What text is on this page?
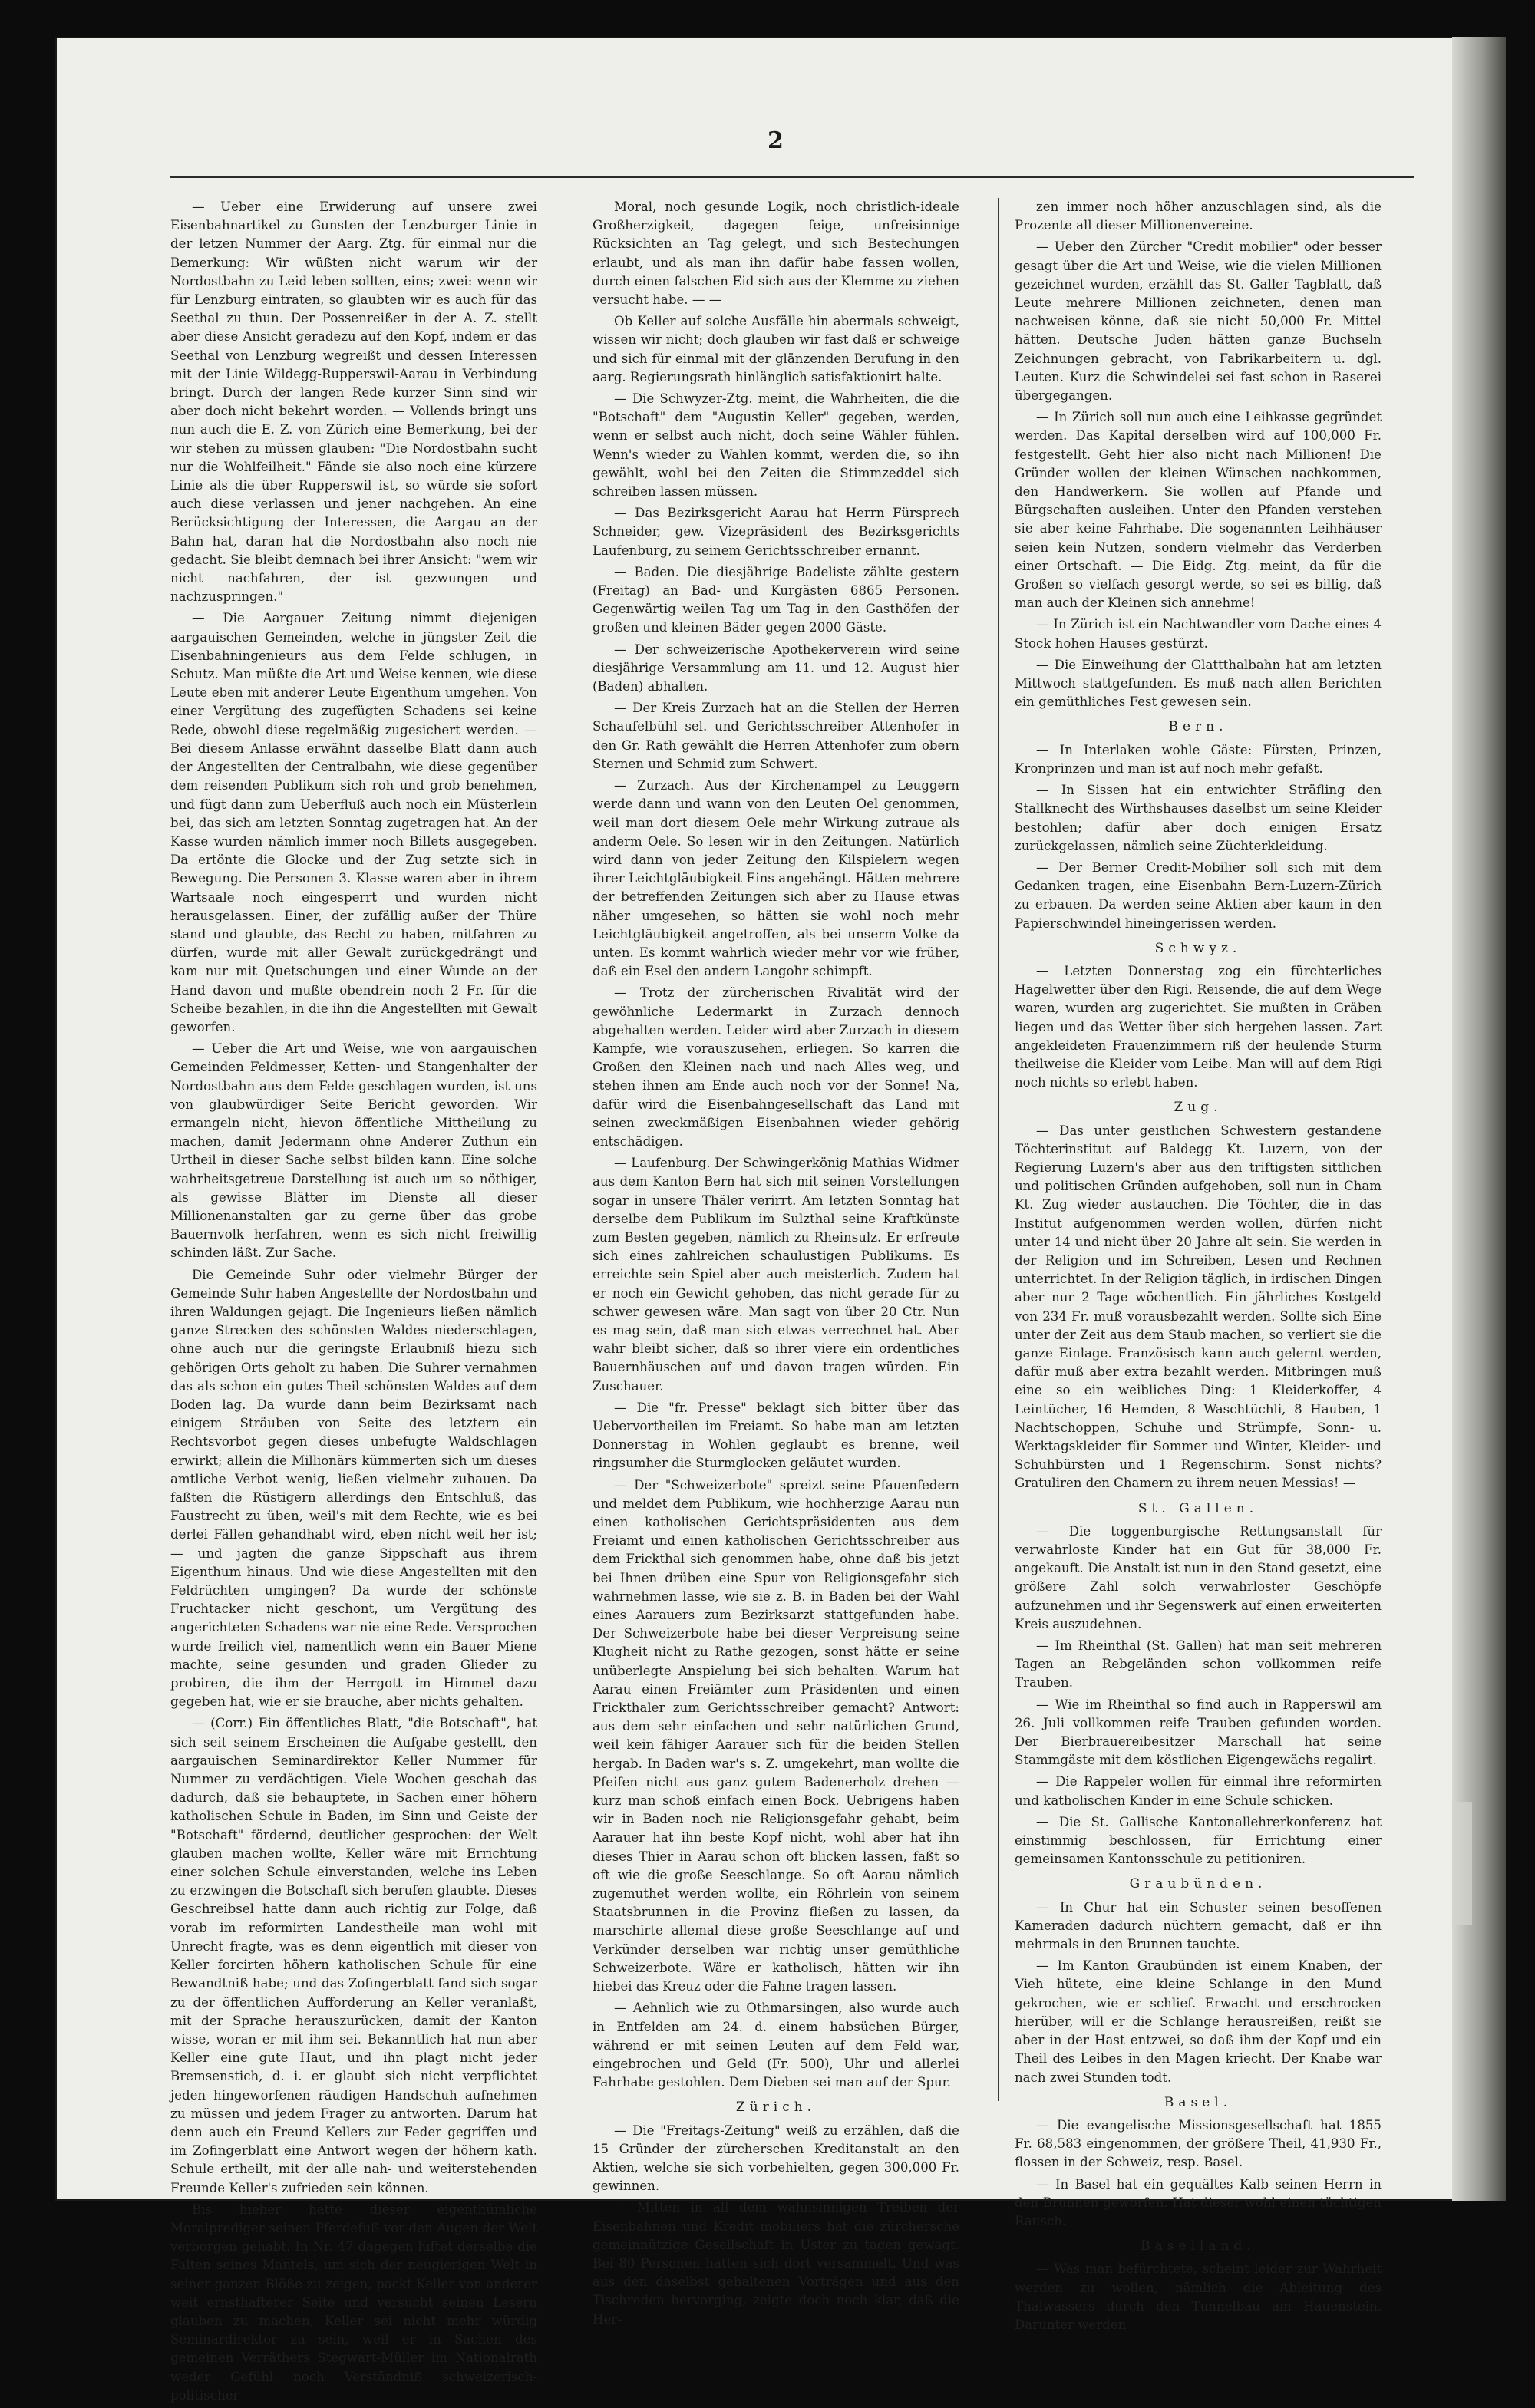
2

— Ueber eine Erwiderung auf unsere zwei Eisenbahnartikel zu Gunsten der Lenzburger Linie in der letzen Nummer der Aarg. Ztg. für einmal nur die Bemerkung: Wir wüßten nicht warum wir der Nordostbahn zu Leid leben sollten, eins; zwei: wenn wir für Lenzburg eintraten, so glaubten wir es auch für das Seethal zu thun. Der Possenreißer in der A. Z. stellt aber diese Ansicht geradezu auf den Kopf, indem er das Seethal von Lenzburg wegreißt und dessen Interessen mit der Linie Wildegg-Rupperswil-Aarau in Verbindung bringt. Durch der langen Rede kurzer Sinn sind wir aber doch nicht bekehrt worden. — Vollends bringt uns nun auch die E. Z. von Zürich eine Bemerkung, bei der wir stehen zu müssen glauben: "Die Nordostbahn sucht nur die Wohlfeilheit." Fände sie also noch eine kürzere Linie als die über Rupperswil ist, so würde sie sofort auch diese verlassen und jener nachgehen. An eine Berücksichtigung der Interessen, die Aargau an der Bahn hat, daran hat die Nordostbahn also noch nie gedacht. Sie bleibt demnach bei ihrer Ansicht: "wem wir nicht nachfahren, der ist gezwungen und nachzuspringen."

— Die Aargauer Zeitung nimmt diejenigen aargauischen Gemeinden, welche in jüngster Zeit die Eisenbahningenieurs aus dem Felde schlugen, in Schutz. Man müßte die Art und Weise kennen, wie diese Leute eben mit anderer Leute Eigenthum umgehen. Von einer Vergütung des zugefügten Schadens sei keine Rede, obwohl diese regelmäßig zugesichert werden. — Bei diesem Anlasse erwähnt dasselbe Blatt dann auch der Angestellten der Centralbahn, wie diese gegenüber dem reisenden Publikum sich roh und grob benehmen, und fügt dann zum Ueberfluß auch noch ein Müsterlein bei, das sich am letzten Sonntag zugetragen hat. An der Kasse wurden nämlich immer noch Billets ausgegeben. Da ertönte die Glocke und der Zug setzte sich in Bewegung. Die Personen 3. Klasse waren aber in ihrem Wartsaale noch eingesperrt und wurden nicht herausgelassen. Einer, der zufällig außer der Thüre stand und glaubte, das Recht zu haben, mitfahren zu dürfen, wurde mit aller Gewalt zurückgedrängt und kam nur mit Quetschungen und einer Wunde an der Hand davon und mußte obendrein noch 2 Fr. für die Scheibe bezahlen, in die ihn die Angestellten mit Gewalt geworfen.

— Ueber die Art und Weise, wie von aargauischen Gemeinden Feldmesser, Ketten- und Stangenhalter der Nordostbahn aus dem Felde geschlagen wurden, ist uns von glaubwürdiger Seite Bericht geworden. Wir ermangeln nicht, hievon öffentliche Mittheilung zu machen, damit Jedermann ohne Anderer Zuthun ein Urtheil in dieser Sache selbst bilden kann. Eine solche wahrheitsgetreue Darstellung ist auch um so nöthiger, als gewisse Blätter im Dienste all dieser Millionenanstalten gar zu gerne über das grobe Bauernvolk herfahren, wenn es sich nicht freiwillig schinden läßt. Zur Sache.

Die Gemeinde Suhr oder vielmehr Bürger der Gemeinde Suhr haben Angestellte der Nordostbahn und ihren Waldungen gejagt. Die Ingenieurs ließen nämlich ganze Strecken des schönsten Waldes niederschlagen, ohne auch nur die geringste Erlaubniß hiezu sich gehörigen Orts geholt zu haben. Die Suhrer vernahmen das als schon ein gutes Theil schönsten Waldes auf dem Boden lag. Da wurde dann beim Bezirksamt nach einigem Sträuben von Seite des letztern ein Rechtsvorbot gegen dieses unbefugte Waldschlagen erwirkt; allein die Millionärs kümmerten sich um dieses amtliche Verbot wenig, ließen vielmehr zuhauen. Da faßten die Rüstigern allerdings den Entschluß, das Faustrecht zu üben, weil's mit dem Rechte, wie es bei derlei Fällen gehandhabt wird, eben nicht weit her ist; — und jagten die ganze Sippschaft aus ihrem Eigenthum hinaus. Und wie diese Angestellten mit den Feldrüchten umgingen? Da wurde der schönste Fruchtacker nicht geschont, um Vergütung des angerichteten Schadens war nie eine Rede. Versprochen wurde freilich viel, namentlich wenn ein Bauer Miene machte, seine gesunden und graden Glieder zu probiren, die ihm der Herrgott im Himmel dazu gegeben hat, wie er sie brauche, aber nichts gehalten.

— (Corr.) Ein öffentliches Blatt, "die Botschaft", hat sich seit seinem Erscheinen die Aufgabe gestellt, den aargauischen Seminardirektor Keller Nummer für Nummer zu verdächtigen. Viele Wochen geschah das dadurch, daß sie behauptete, in Sachen einer höhern katholischen Schule in Baden, im Sinn und Geiste der "Botschaft" fördernd, deutlicher gesprochen: der Welt glauben machen wollte, Keller wäre mit Errichtung einer solchen Schule einverstanden, welche ins Leben zu erzwingen die Botschaft sich berufen glaubte. Dieses Geschreibsel hatte dann auch richtig zur Folge, daß vorab im reformirten Landestheile man wohl mit Unrecht fragte, was es denn eigentlich mit dieser von Keller forcirten höhern katholischen Schule für eine Bewandtniß habe; und das Zofingerblatt fand sich sogar zu der öffentlichen Aufforderung an Keller veranlaßt, mit der Sprache herauszurücken, damit der Kanton wisse, woran er mit ihm sei. Bekanntlich hat nun aber Keller eine gute Haut, und ihn plagt nicht jeder Bremsenstich, d. i. er glaubt sich nicht verpflichtet jeden hingeworfenen räudigen Handschuh aufnehmen zu müssen und jedem Frager zu antworten. Darum hat denn auch ein Freund Kellers zur Feder gegriffen und im Zofingerblatt eine Antwort wegen der höhern kath. Schule ertheilt, mit der alle nah- und weiterstehenden Freunde Keller's zufrieden sein können.

Bis hieher hatte dieser eigenthümliche Moralprediger seinen Pferdefuß vor den Augen der Welt verborgen gehabt. In Nr. 47 dagegen lüftet derselbe die Falten seines Mantels, um sich der neugierigen Welt in seiner ganzen Blöße zu zeigen, packt Keller von anderer weit ernsthafterer Seite und versucht seinen Lesern glauben zu machen, Keller sei nicht mehr würdig Seminardirektor zu sein, weil er in Sachen des gemeinen Verräthers Stegwart-Müller im Nationalrath weder Gefühl noch Verständniß schweizerisch-politischer

Moral, noch gesunde Logik, noch christlich-ideale Großherzigkeit, dagegen feige, unfreisinnige Rücksichten an Tag gelegt, und sich Bestechungen erlaubt, und als man ihn dafür habe fassen wollen, durch einen falschen Eid sich aus der Klemme zu ziehen versucht habe. — —

Ob Keller auf solche Ausfälle hin abermals schweigt, wissen wir nicht; doch glauben wir fast daß er schweige und sich für einmal mit der glänzenden Berufung in den aarg. Regierungsrath hinlänglich satisfaktionirt halte.

— Die Schwyzer-Ztg. meint, die Wahrheiten, die die "Botschaft" dem "Augustin Keller" gegeben, werden, wenn er selbst auch nicht, doch seine Wähler fühlen. Wenn's wieder zu Wahlen kommt, werden die, so ihn gewählt, wohl bei den Zeiten die Stimmzeddel sich schreiben lassen müssen.

— Das Bezirksgericht Aarau hat Herrn Fürsprech Schneider, gew. Vizepräsident des Bezirksgerichts Laufenburg, zu seinem Gerichtsschreiber ernannt.

— Baden. Die diesjährige Badeliste zählte gestern (Freitag) an Bad- und Kurgästen 6865 Personen. Gegenwärtig weilen Tag um Tag in den Gasthöfen der großen und kleinen Bäder gegen 2000 Gäste.

— Der schweizerische Apothekerverein wird seine diesjährige Versammlung am 11. und 12. August hier (Baden) abhalten.

— Der Kreis Zurzach hat an die Stellen der Herren Schaufelbühl sel. und Gerichtsschreiber Attenhofer in den Gr. Rath gewählt die Herren Attenhofer zum obern Sternen und Schmid zum Schwert.

— Zurzach. Aus der Kirchenampel zu Leuggern werde dann und wann von den Leuten Oel genommen, weil man dort diesem Oele mehr Wirkung zutraue als anderm Oele. So lesen wir in den Zeitungen. Natürlich wird dann von jeder Zeitung den Kilspielern wegen ihrer Leichtgläubigkeit Eins angehängt. Hätten mehrere der betreffenden Zeitungen sich aber zu Hause etwas näher umgesehen, so hätten sie wohl noch mehr Leichtgläubigkeit angetroffen, als bei unserm Volke da unten. Es kommt wahrlich wieder mehr vor wie früher, daß ein Esel den andern Langohr schimpft.

— Trotz der zürcherischen Rivalität wird der gewöhnliche Ledermarkt in Zurzach dennoch abgehalten werden. Leider wird aber Zurzach in diesem Kampfe, wie vorauszusehen, erliegen. So karren die Großen den Kleinen nach und nach Alles weg, und stehen ihnen am Ende auch noch vor der Sonne! Na, dafür wird die Eisenbahngesellschaft das Land mit seinen zweckmäßigen Eisenbahnen wieder gehörig entschädigen.

— Laufenburg. Der Schwingerkönig Mathias Widmer aus dem Kanton Bern hat sich mit seinen Vorstellungen sogar in unsere Thäler verirrt. Am letzten Sonntag hat derselbe dem Publikum im Sulzthal seine Kraftkünste zum Besten gegeben, nämlich zu Rheinsulz. Er erfreute sich eines zahlreichen schaulustigen Publikums. Es erreichte sein Spiel aber auch meisterlich. Zudem hat er noch ein Gewicht gehoben, das nicht gerade für zu schwer gewesen wäre. Man sagt von über 20 Ctr. Nun es mag sein, daß man sich etwas verrechnet hat. Aber wahr bleibt sicher, daß so ihrer viere ein ordentliches Bauernhäuschen auf und davon tragen würden. Ein Zuschauer.

— Die "fr. Presse" beklagt sich bitter über das Uebervortheilen im Freiamt. So habe man am letzten Donnerstag in Wohlen geglaubt es brenne, weil ringsumher die Sturmglocken geläutet wurden.

— Der "Schweizerbote" spreizt seine Pfauenfedern und meldet dem Publikum, wie hochherzige Aarau nun einen katholischen Gerichtspräsidenten aus dem Freiamt und einen katholischen Gerichtsschreiber aus dem Frickthal sich genommen habe, ohne daß bis jetzt bei Ihnen drüben eine Spur von Religionsgefahr sich wahrnehmen lasse, wie sie z. B. in Baden bei der Wahl eines Aarauers zum Bezirksarzt stattgefunden habe. Der Schweizerbote habe bei dieser Verpreisung seine Klugheit nicht zu Rathe gezogen, sonst hätte er seine unüberlegte Anspielung bei sich behalten. Warum hat Aarau einen Freiämter zum Präsidenten und einen Frickthaler zum Gerichtsschreiber gemacht? Antwort: aus dem sehr einfachen und sehr natürlichen Grund, weil kein fähiger Aarauer sich für die beiden Stellen hergab. In Baden war's s. Z. umgekehrt, man wollte die Pfeifen nicht aus ganz gutem Badenerholz drehen — kurz man schoß einfach einen Bock. Uebrigens haben wir in Baden noch nie Religionsgefahr gehabt, beim Aarauer hat ihn beste Kopf nicht, wohl aber hat ihn dieses Thier in Aarau schon oft blicken lassen, faßt so oft wie die große Seeschlange. So oft Aarau nämlich zugemuthet werden wollte, ein Röhrlein von seinem Staatsbrunnen in die Provinz fließen zu lassen, da marschirte allemal diese große Seeschlange auf und Verkünder derselben war richtig unser gemüthliche Schweizerbote. Wäre er katholisch, hätten wir ihn hiebei das Kreuz oder die Fahne tragen lassen.

— Aehnlich wie zu Othmarsingen, also wurde auch in Entfelden am 24. d. einem habsüchen Bürger, während er mit seinen Leuten auf dem Feld war, eingebrochen und Geld (Fr. 500), Uhr und allerlei Fahrhabe gestohlen. Dem Dieben sei man auf der Spur.

Zürich.

— Die "Freitags-Zeitung" weiß zu erzählen, daß die 15 Gründer der zürcherschen Kreditanstalt an den Aktien, welche sie sich vorbehielten, gegen 300,000 Fr. gewinnen.

— Mitten in all dem wahnsinnigen Treiben der Eisenbahnen und Kredit mobiliers hat die zürchersche gemeinnützige Gesellschaft in Uster zu tagen gewagt. Bei 80 Personen hatten sich dort versammelt. Und was aus den daselbst gehaltenen Vorträgen und aus den Tischreden hervorging, zeigte doch noch klar, daß die Her-

zen immer noch höher anzuschlagen sind, als die Prozente all dieser Millionenvereine.

— Ueber den Zürcher "Credit mobilier" oder besser gesagt über die Art und Weise, wie die vielen Millionen gezeichnet wurden, erzählt das St. Galler Tagblatt, daß Leute mehrere Millionen zeichneten, denen man nachweisen könne, daß sie nicht 50,000 Fr. Mittel hätten. Deutsche Juden hätten ganze Buchseln Zeichnungen gebracht, von Fabrikarbeitern u. dgl. Leuten. Kurz die Schwindelei sei fast schon in Raserei übergegangen.

— In Zürich soll nun auch eine Leihkasse gegründet werden. Das Kapital derselben wird auf 100,000 Fr. festgestellt. Geht hier also nicht nach Millionen! Die Gründer wollen der kleinen Wünschen nachkommen, den Handwerkern. Sie wollen auf Pfande und Bürgschaften ausleihen. Unter den Pfanden verstehen sie aber keine Fahrhabe. Die sogenannten Leihhäuser seien kein Nutzen, sondern vielmehr das Verderben einer Ortschaft. — Die Eidg. Ztg. meint, da für die Großen so vielfach gesorgt werde, so sei es billig, daß man auch der Kleinen sich annehme!

— In Zürich ist ein Nachtwandler vom Dache eines 4 Stock hohen Hauses gestürzt.

— Die Einweihung der Glattthalbahn hat am letzten Mittwoch stattgefunden. Es muß nach allen Berichten ein gemüthliches Fest gewesen sein.

Bern.

— In Interlaken wohle Gäste: Fürsten, Prinzen, Kronprinzen und man ist auf noch mehr gefaßt.

— In Sissen hat ein entwichter Sträfling den Stallknecht des Wirthshauses daselbst um seine Kleider bestohlen; dafür aber doch einigen Ersatz zurückgelassen, nämlich seine Züchterkleidung.

— Der Berner Credit-Mobilier soll sich mit dem Gedanken tragen, eine Eisenbahn Bern-Luzern-Zürich zu erbauen. Da werden seine Aktien aber kaum in den Papierschwindel hineingerissen werden.

Schwyz.

— Letzten Donnerstag zog ein fürchterliches Hagelwetter über den Rigi. Reisende, die auf dem Wege waren, wurden arg zugerichtet. Sie mußten in Gräben liegen und das Wetter über sich hergehen lassen. Zart angekleideten Frauenzimmern riß der heulende Sturm theilweise die Kleider vom Leibe. Man will auf dem Rigi noch nichts so erlebt haben.

Zug.

— Das unter geistlichen Schwestern gestandene Töchterinstitut auf Baldegg Kt. Luzern, von der Regierung Luzern's aber aus den triftigsten sittlichen und politischen Gründen aufgehoben, soll nun in Cham Kt. Zug wieder austauchen. Die Töchter, die in das Institut aufgenommen werden wollen, dürfen nicht unter 14 und nicht über 20 Jahre alt sein. Sie werden in der Religion und im Schreiben, Lesen und Rechnen unterrichtet. In der Religion täglich, in irdischen Dingen aber nur 2 Tage wöchentlich. Ein jährliches Kostgeld von 234 Fr. muß vorausbezahlt werden. Sollte sich Eine unter der Zeit aus dem Staub machen, so verliert sie die ganze Einlage. Französisch kann auch gelernt werden, dafür muß aber extra bezahlt werden. Mitbringen muß eine so ein weibliches Ding: 1 Kleiderkoffer, 4 Leintücher, 16 Hemden, 8 Waschtüchli, 8 Hauben, 1 Nachtschoppen, Schuhe und Strümpfe, Sonn- u. Werktagskleider für Sommer und Winter, Kleider- und Schuhbürsten und 1 Regenschirm. Sonst nichts? Gratuliren den Chamern zu ihrem neuen Messias! —

St. Gallen.

— Die toggenburgische Rettungsanstalt für verwahrloste Kinder hat ein Gut für 38,000 Fr. angekauft. Die Anstalt ist nun in den Stand gesetzt, eine größere Zahl solch verwahrloster Geschöpfe aufzunehmen und ihr Segenswerk auf einen erweiterten Kreis auszudehnen.

— Im Rheinthal (St. Gallen) hat man seit mehreren Tagen an Rebgeländen schon vollkommen reife Trauben.

— Wie im Rheinthal so find auch in Rapperswil am 26. Juli vollkommen reife Trauben gefunden worden. Der Bierbrauereibesitzer Marschall hat seine Stammgäste mit dem köstlichen Eigengewächs regalirt.

— Die Rappeler wollen für einmal ihre reformirten und katholischen Kinder in eine Schule schicken.

— Die St. Gallische Kantonallehrerkonferenz hat einstimmig beschlossen, für Errichtung einer gemeinsamen Kantonsschule zu petitioniren.

Graubünden.

— In Chur hat ein Schuster seinen besoffenen Kameraden dadurch nüchtern gemacht, daß er ihn mehrmals in den Brunnen tauchte.

— Im Kanton Graubünden ist einem Knaben, der Vieh hütete, eine kleine Schlange in den Mund gekrochen, wie er schlief. Erwacht und erschrocken hierüber, will er die Schlange herausreißen, reißt sie aber in der Hast entzwei, so daß ihm der Kopf und ein Theil des Leibes in den Magen kriecht. Der Knabe war nach zwei Stunden todt.

Basel.

— Die evangelische Missionsgesellschaft hat 1855 Fr. 68,583 eingenommen, der größere Theil, 41,930 Fr., flossen in der Schweiz, resp. Basel.

— In Basel hat ein gequältes Kalb seinen Herrn in den Brunnen geworfen. Hat dieser wohl einen tüchtigen Rausch.

Baselland.

— Was man befürchtete, scheint leider zur Wahrheit werden zu wollen, nämlich die Ableitung des Thalwassers durch den Tunnelbau am Hauenstein. Darunter werden
